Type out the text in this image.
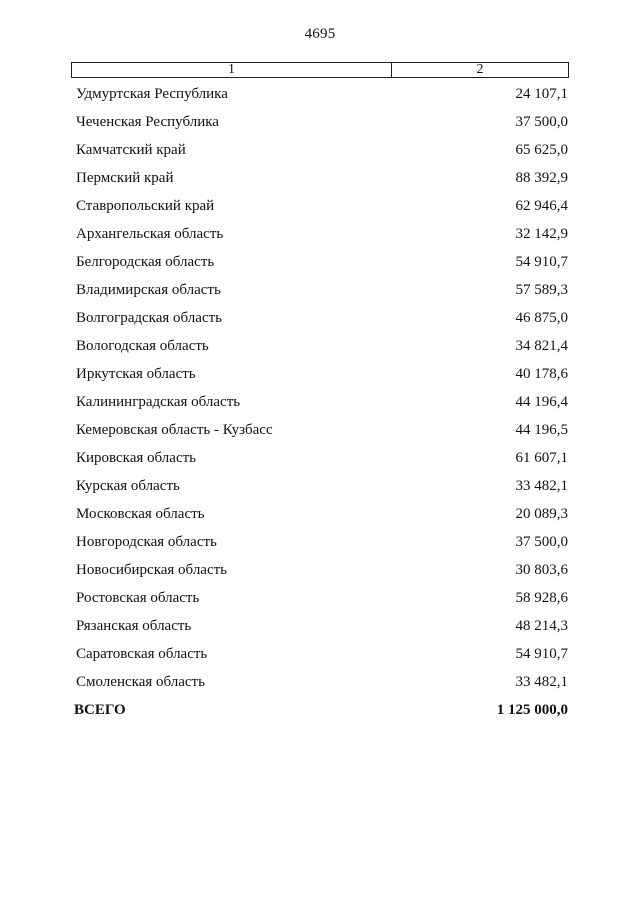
4695
1	2
Удмуртская Республика	24 107,1
Чеченская Республика	37 500,0
Камчатский край	65 625,0
Пермский край	88 392,9
Ставропольский край	62 946,4
Архангельская область	32 142,9
Белгородская область	54 910,7
Владимирская область	57 589,3
Волгоградская область	46 875,0
Вологодская область	34 821,4
Иркутская область	40 178,6
Калининградская область	44 196,4
Кемеровская область - Кузбасс	44 196,5
Кировская область	61 607,1
Курская область	33 482,1
Московская область	20 089,3
Новгородская область	37 500,0
Новосибирская область	30 803,6
Ростовская область	58 928,6
Рязанская область	48 214,3
Саратовская область	54 910,7
Смоленская область	33 482,1
ВСЕГО	1 125 000,0
